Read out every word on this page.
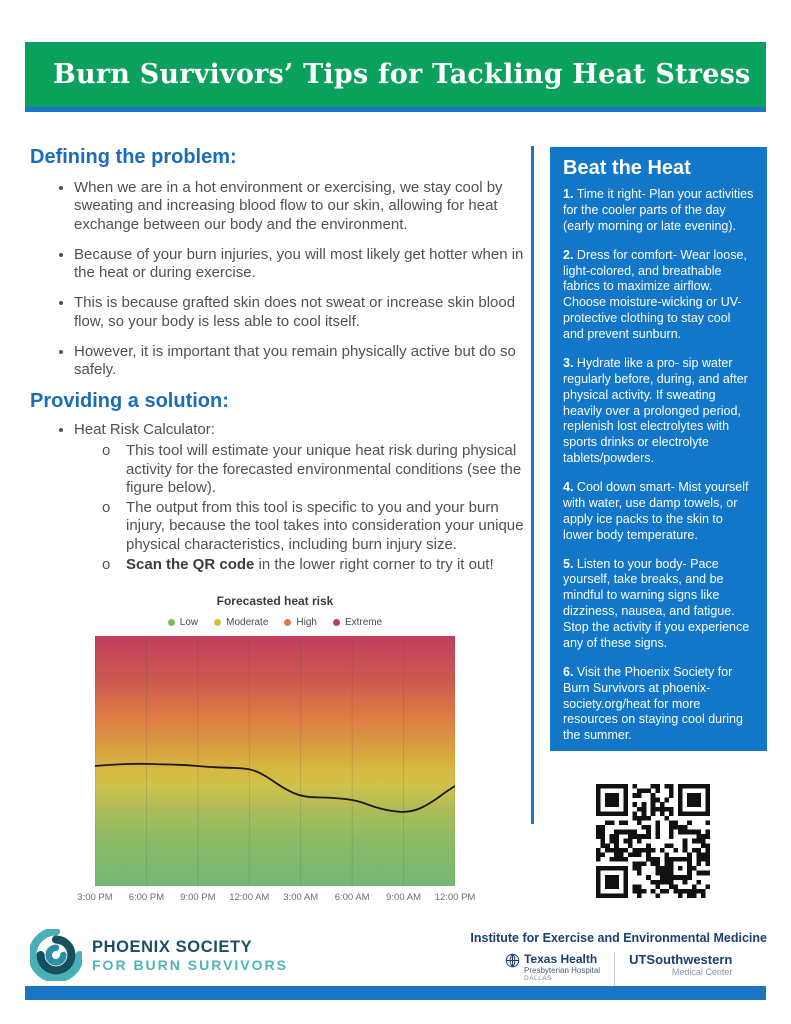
Burn Survivors’ Tips for Tackling Heat Stress
Defining the problem:
• When we are in a hot environment or exercising, we stay cool by sweating and increasing blood flow to our skin, allowing for heat exchange between our body and the environment.
• Because of your burn injuries, you will most likely get hotter when in the heat or during exercise.
• This is because grafted skin does not sweat or increase skin blood flow, so your body is less able to cool itself.
• However, it is important that you remain physically active but do so safely.
Providing a solution:
• Heat Risk Calculator:
o This tool will estimate your unique heat risk during physical activity for the forecasted environmental conditions (see the figure below).
o The output from this tool is specific to you and your burn injury, because the tool takes into consideration your unique physical characteristics, including burn injury size.
o Scan the QR code in the lower right corner to try it out!
Forecasted heat risk
Low	Moderate	High	Extreme
3:00 PM 6:00 PM 9:00 PM 12:00 AM 3:00 AM 6:00 AM 9:00 AM 12:00 PM
Beat the Heat

1. Time it right- Plan your activities for the cooler parts of the day (early morning or late evening).

2. Dress for comfort- Wear loose, light-colored, and breathable fabrics to maximize airflow. Choose moisture-wicking or UV-protective clothing to stay cool and prevent sunburn.

3. Hydrate like a pro- sip water regularly before, during, and after physical activity. If sweating heavily over a prolonged period, replenish lost electrolytes with sports drinks or electrolyte tablets/powders.

4. Cool down smart- Mist yourself with water, use damp towels, or apply ice packs to the skin to lower body temperature.

5. Listen to your body- Pace yourself, take breaks, and be mindful to warning signs like dizziness, nausea, and fatigue. Stop the activity if you experience any of these signs.

6. Visit the Phoenix Society for Burn Survivors at phoenix-society.org/heat for more resources on staying cool during the summer.

PHOENIX SOCIETY
FOR BURN SURVIVORS
Institute for Exercise and Environmental Medicine
Texas Health
Presbyterian Hospital
DALLAS
UTSouthwestern
Medical Center
